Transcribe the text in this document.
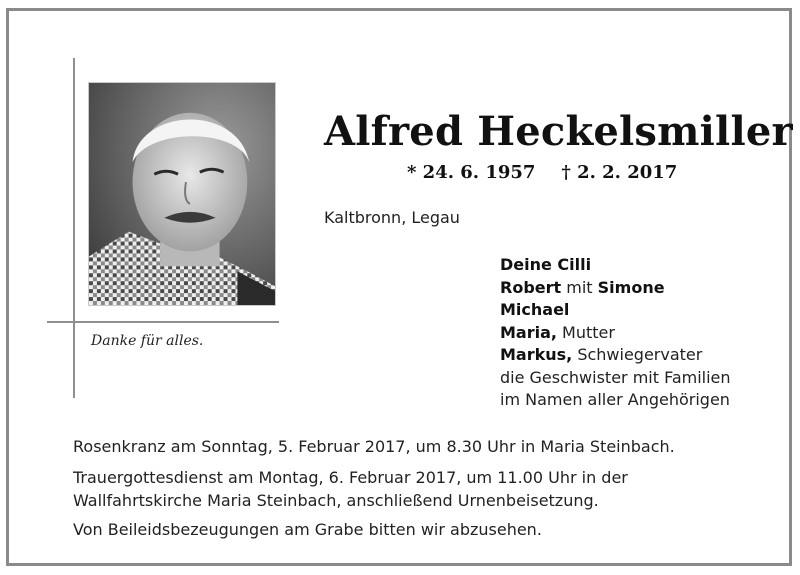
Danke für alles.
Alfred Heckelsmiller
* 24. 6. 1957 † 2. 2. 2017
Kaltbronn, Legau
Deine Cilli
Robert mit Simone
Michael
Maria, Mutter
Markus, Schwiegervater
die Geschwister mit Familien
im Namen aller Angehörigen

Rosenkranz am Sonntag, 5. Februar 2017, um 8.30 Uhr in Maria Steinbach.

Trauergottesdienst am Montag, 6. Februar 2017, um 11.00 Uhr in der
Wallfahrtskirche Maria Steinbach, anschließend Urnenbeisetzung.

Von Beileidsbezeugungen am Grabe bitten wir abzusehen.
